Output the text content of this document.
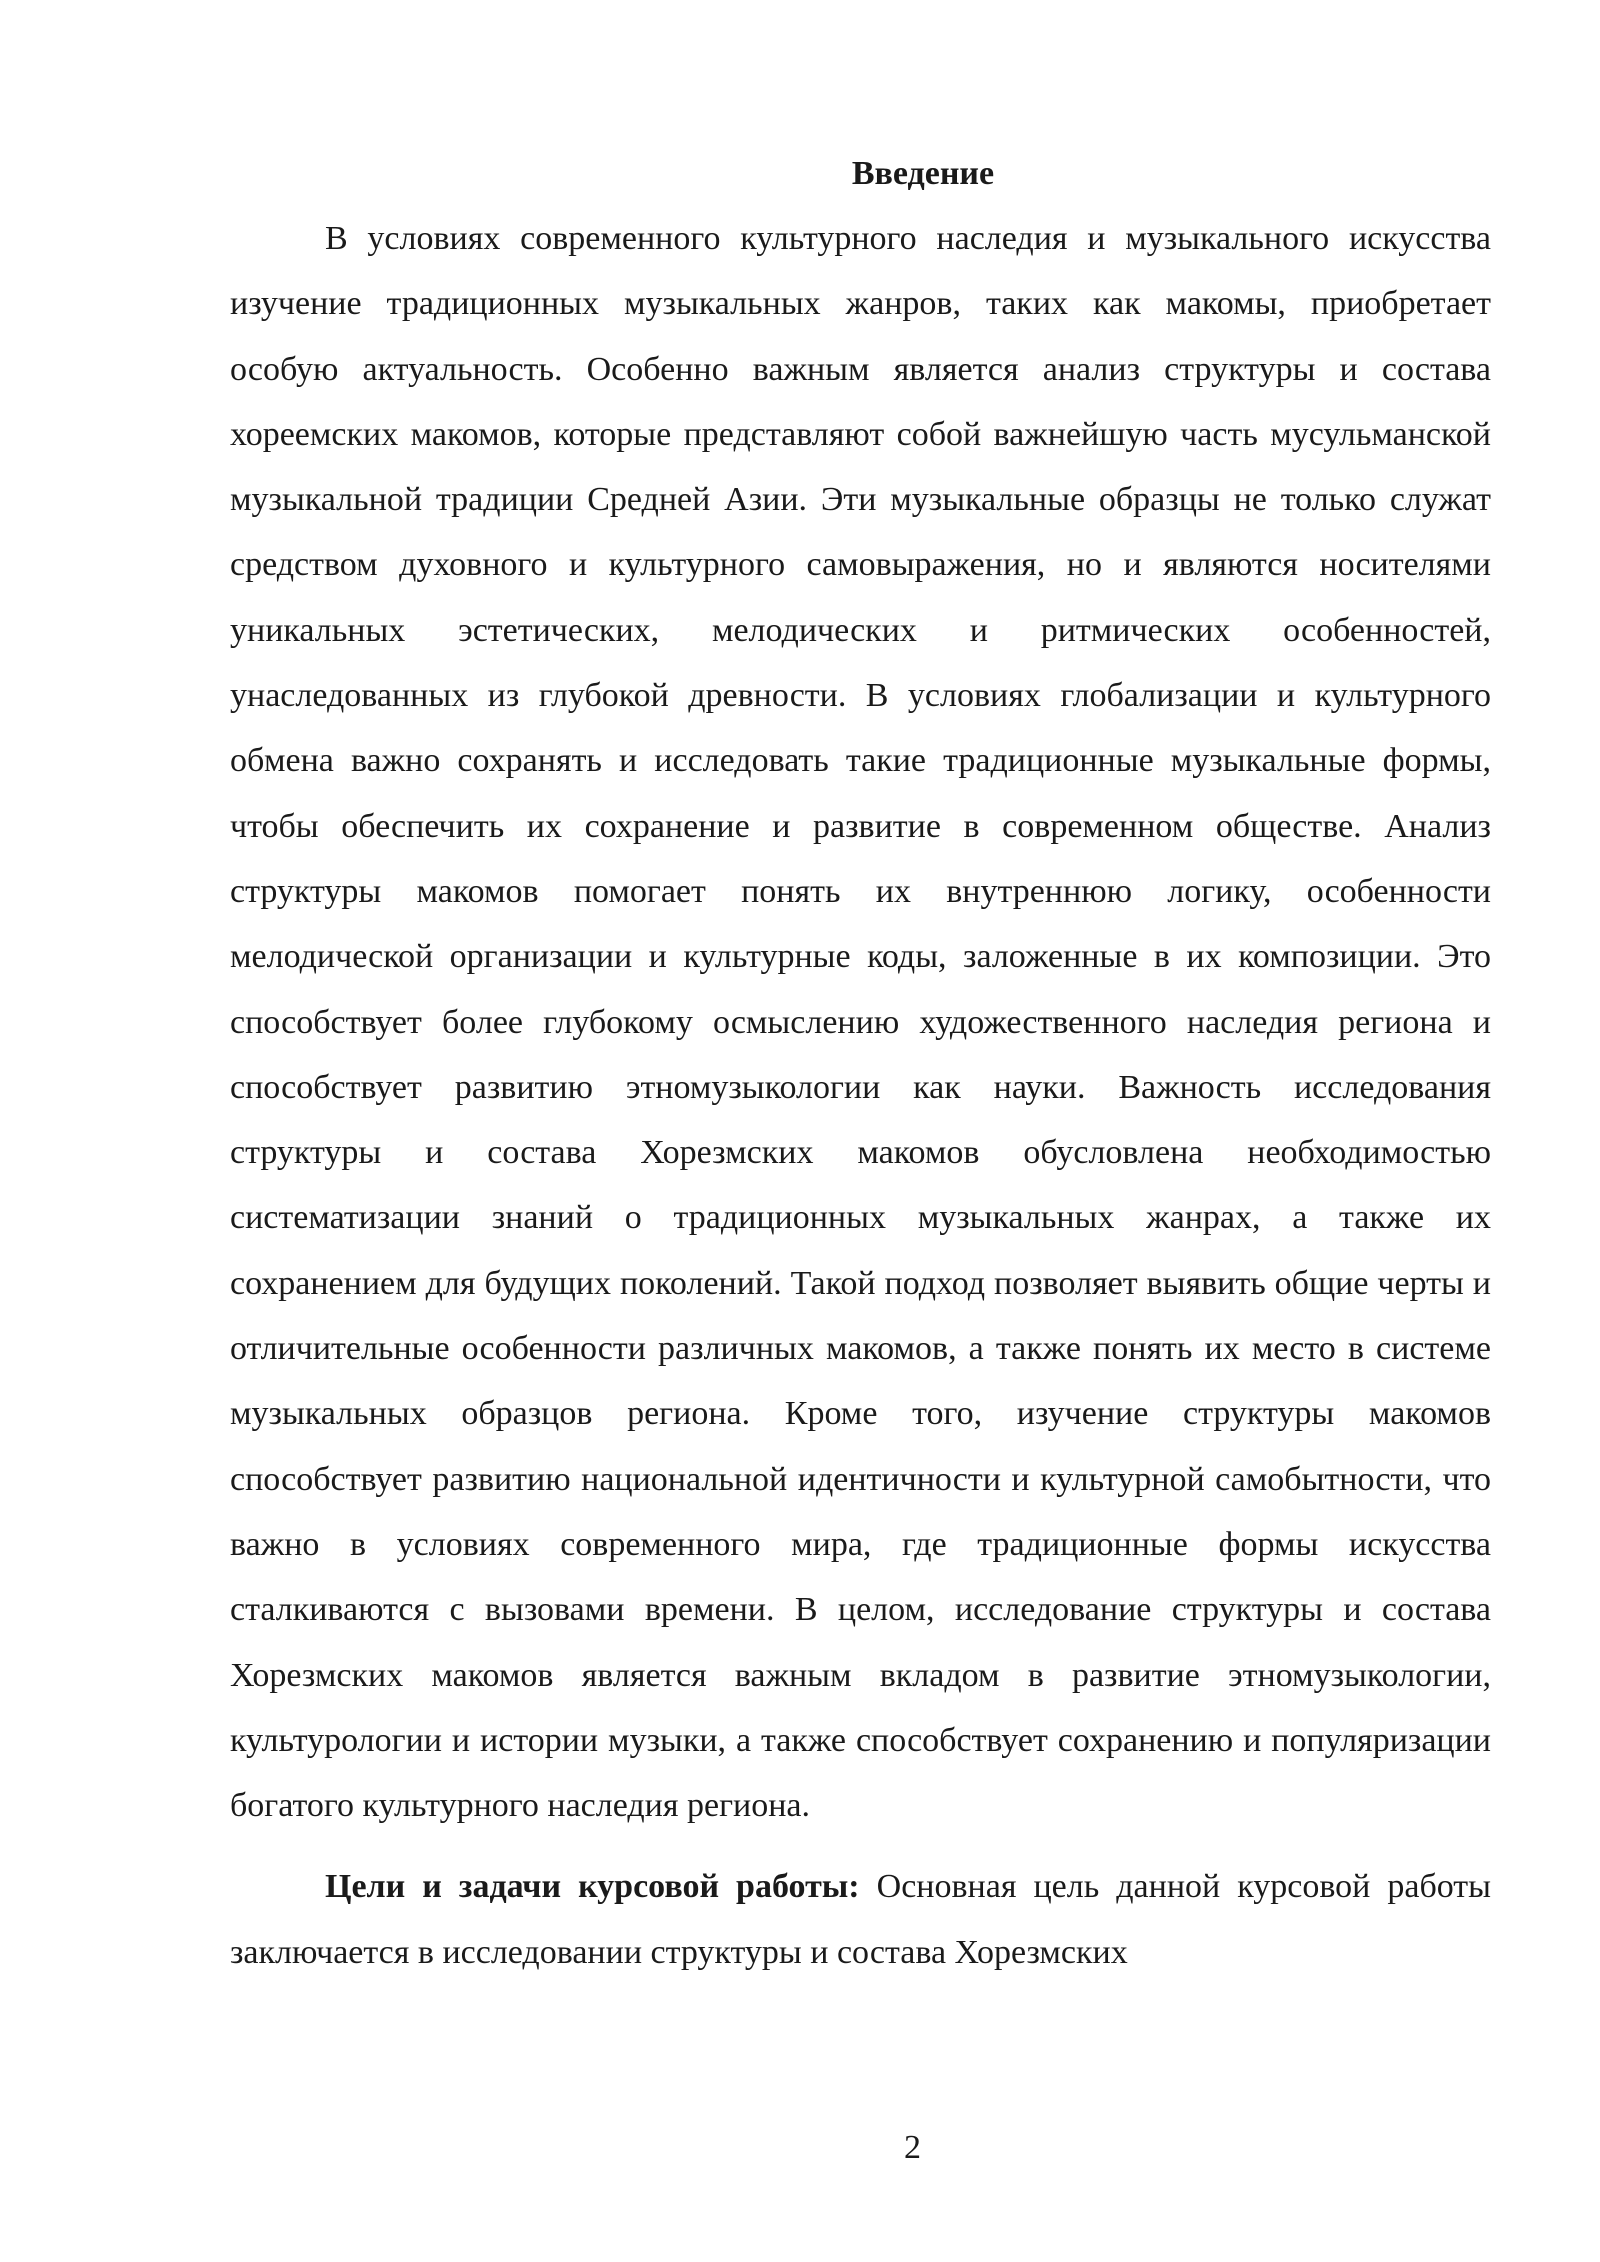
Введение

В условиях современного культурного наследия и музыкального искусства изучение традиционных музыкальных жанров, таких как макомы, приобретает особую актуальность. Особенно важным является анализ структуры и состава хореемских макомов, которые представляют собой важнейшую часть мусульманской музыкальной традиции Средней Азии. Эти музыкальные образцы не только служат средством духовного и культурного самовыражения, но и являются носителями уникальных эстетических, мелодических и ритмических особенностей, унаследованных из глубокой древности. В условиях глобализации и культурного обмена важно сохранять и исследовать такие традиционные музыкальные формы, чтобы обеспечить их сохранение и развитие в современном обществе. Анализ структуры макомов помогает понять их внутреннюю логику, особенности мелодической организации и культурные коды, заложенные в их композиции. Это способствует более глубокому осмыслению художественного наследия региона и способствует развитию этномузыкологии как науки. Важность исследования структуры и состава Хорезмских макомов обусловлена необходимостью систематизации знаний о традиционных музыкальных жанрах, а также их сохранением для будущих поколений. Такой подход позволяет выявить общие черты и отличительные особенности различных макомов, а также понять их место в системе музыкальных образцов региона. Кроме того, изучение структуры макомов способствует развитию национальной идентичности и культурной самобытности, что важно в условиях современного мира, где традиционные формы искусства сталкиваются с вызовами времени. В целом, исследование структуры и состава Хорезмских макомов является важным вкладом в развитие этномузыкологии, культурологии и истории музыки, а также способствует сохранению и популяризации богатого культурного наследия региона.

Цели и задачи курсовой работы: Основная цель данной курсовой работы заключается в исследовании структуры и состава Хорезмских

2
